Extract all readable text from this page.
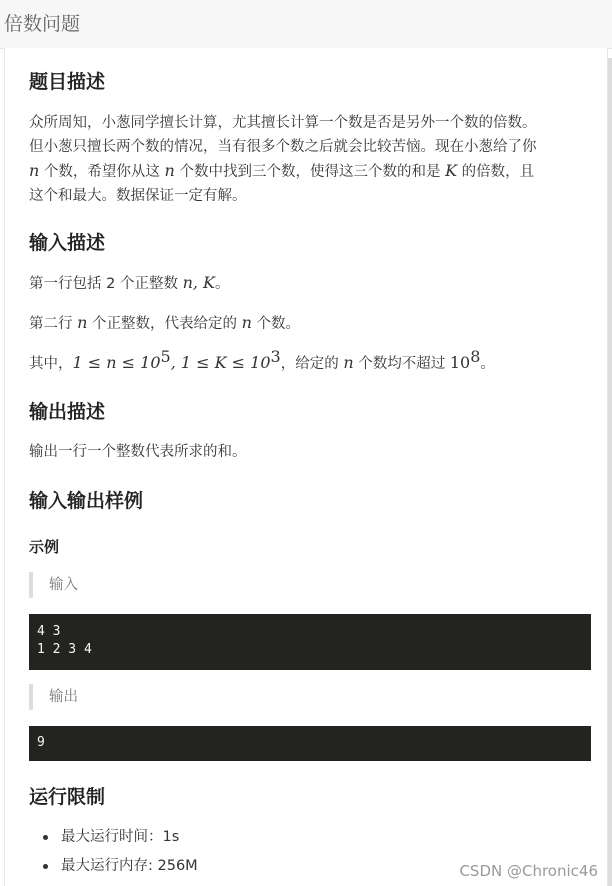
倍数问题
题目描述
众所周知，小葱同学擅长计算，尤其擅长计算一个数是否是另外一个数的倍数。
但小葱只擅长两个数的情况，当有很多个数之后就会比较苦恼。现在小葱给了你
n 个数，希望你从这 n 个数中找到三个数，使得这三个数的和是 K 的倍数，且
这个和最大。数据保证一定有解。
输入描述
第一行包括 2 个正整数 n, K。
第二行 n 个正整数，代表给定的 n 个数。
其中，$1 \le n \le 10^5$, $1 \le K \le 10^3$，给定的 n 个数均不超过 $10^8$。
输出描述
输出一行一个整数代表所求的和。
输入输出样例
示例
输入
4 3
1 2 3 4
输出
9
运行限制
最大运行时间：1s
最大运行内存: 256M	CSDN @Chronic46
